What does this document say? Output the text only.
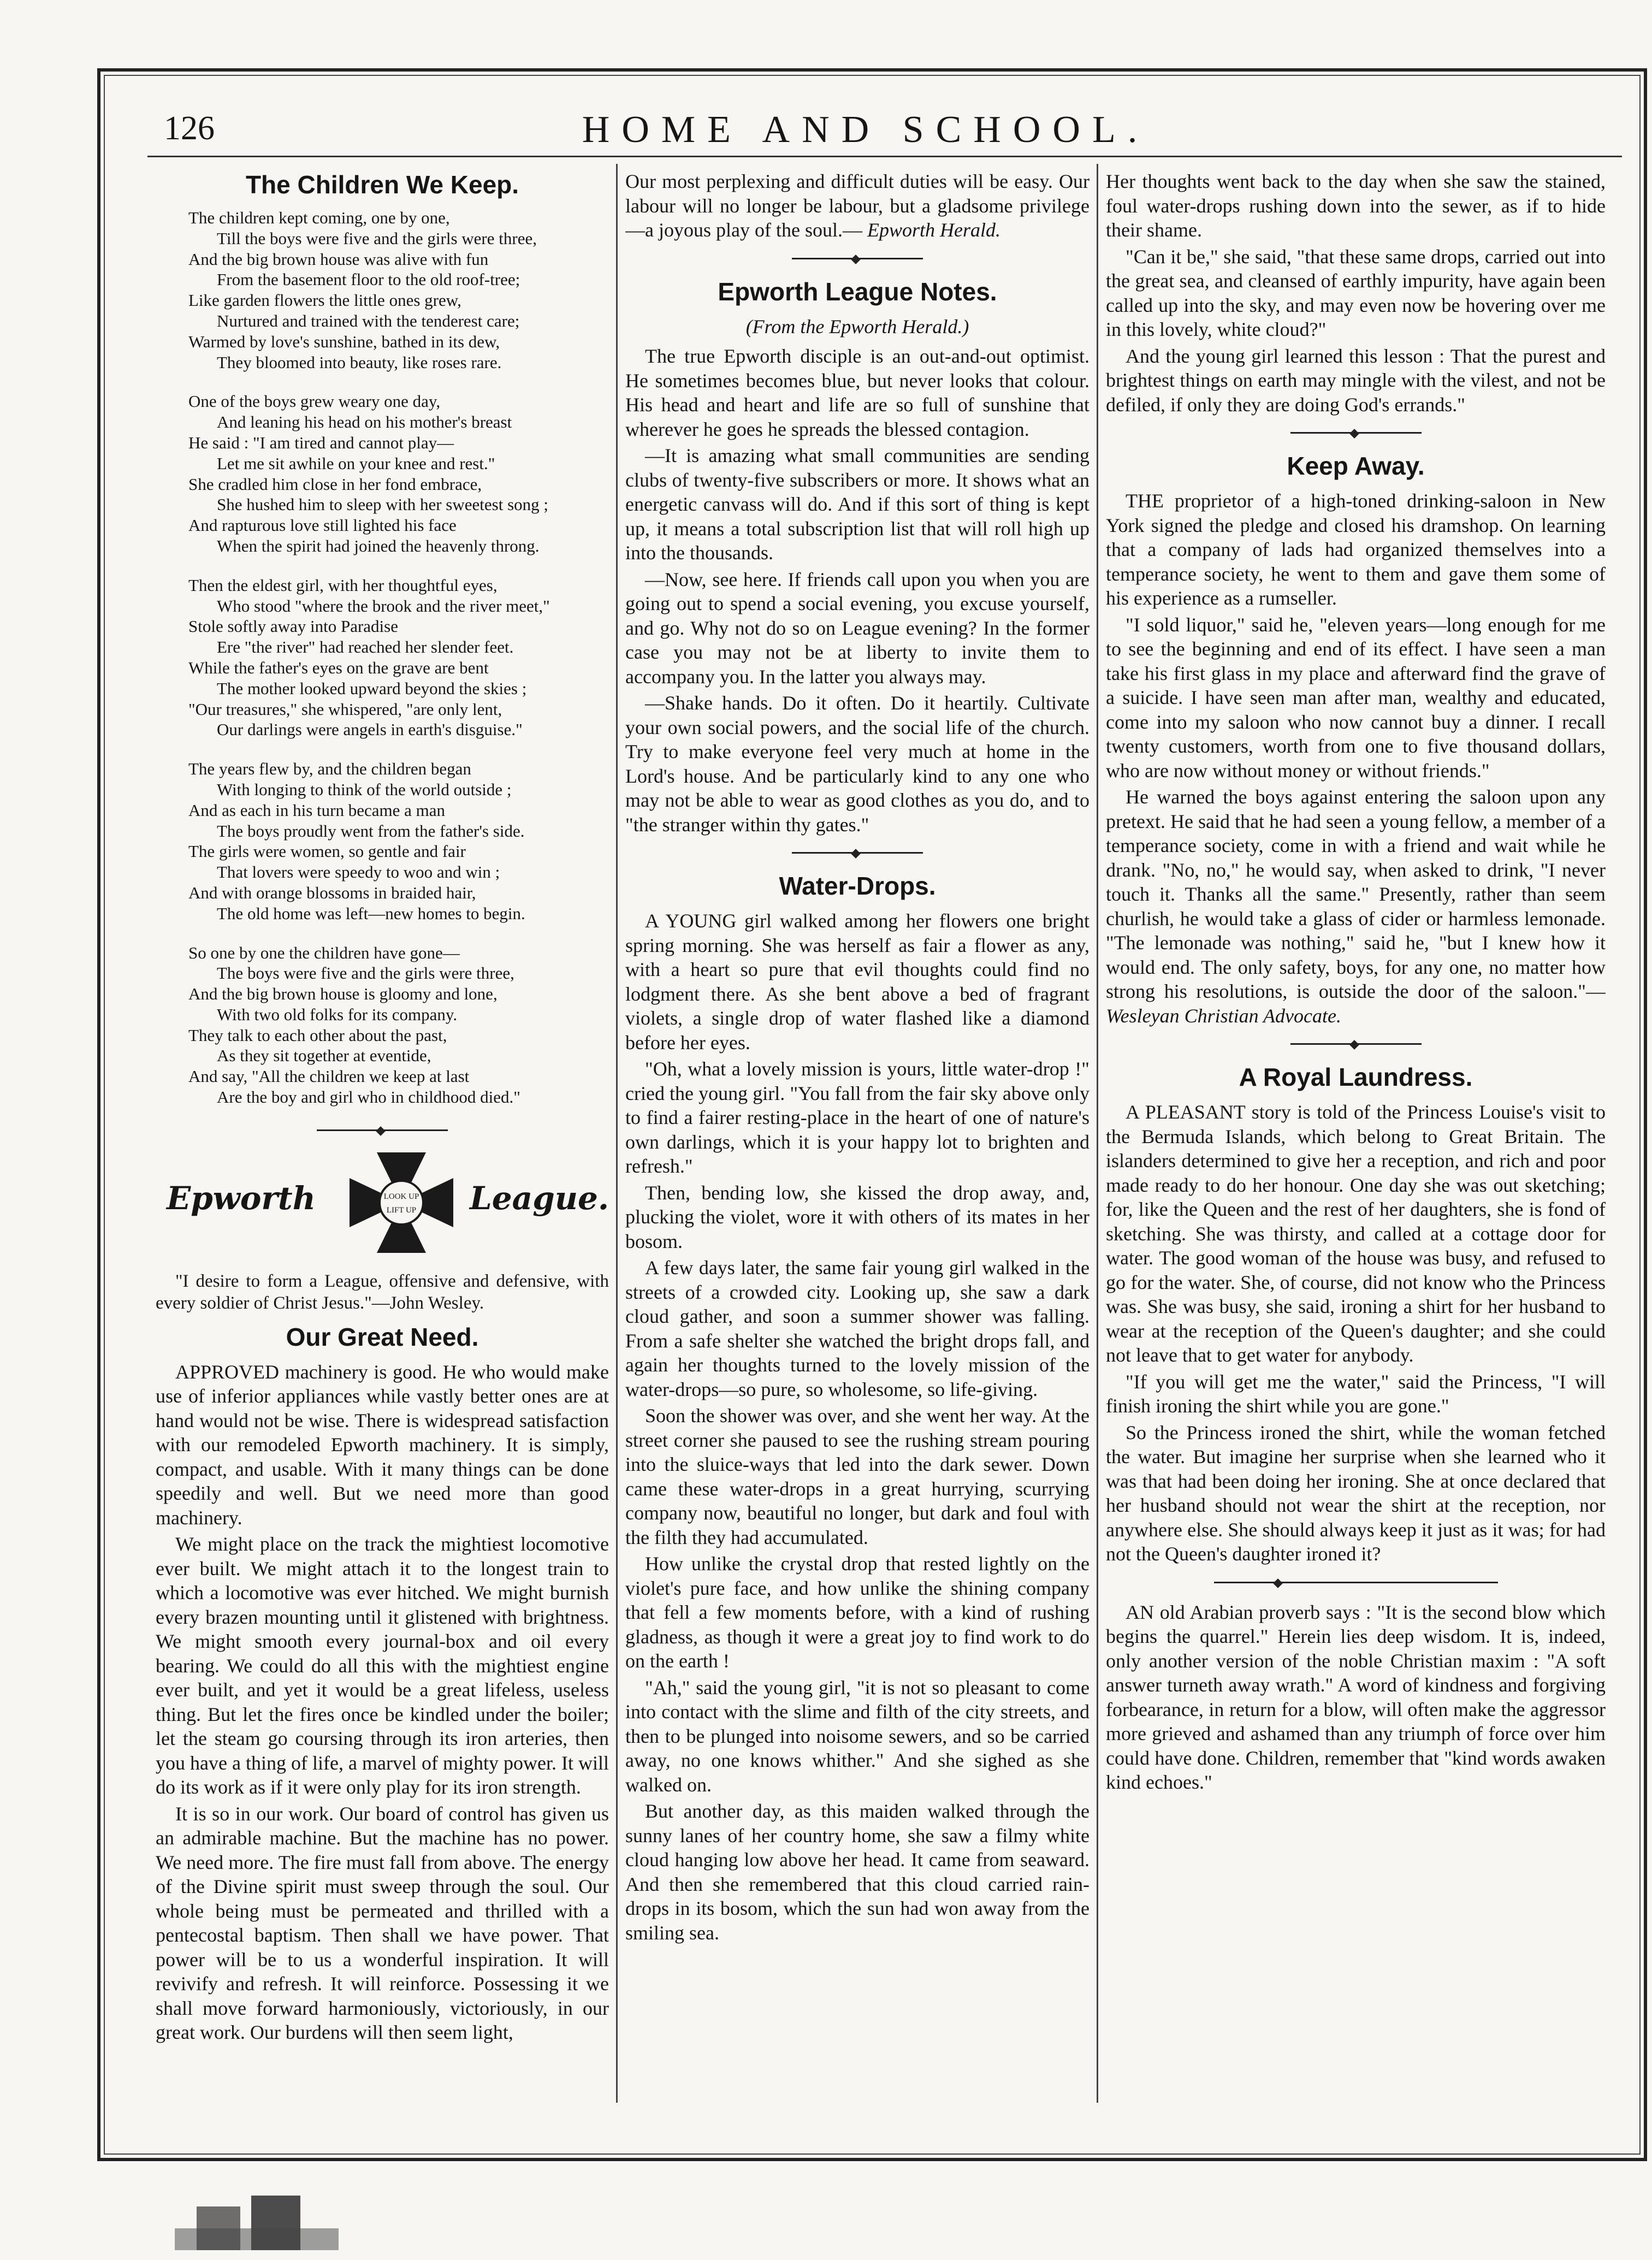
126	HOME AND SCHOOL.
The Children We Keep.
The children kept coming, one by one,
Till the boys were five and the girls were three,
And the big brown house was alive with fun
From the basement floor to the old roof-tree;
Like garden flowers the little ones grew,
Nurtured and trained with the tenderest care;
Warmed by love's sunshine, bathed in its dew,
They bloomed into beauty, like roses rare.
One of the boys grew weary one day,
And leaning his head on his mother's breast
He said : "I am tired and cannot play—
Let me sit awhile on your knee and rest."
She cradled him close in her fond embrace,
She hushed him to sleep with her sweetest song ;
And rapturous love still lighted his face
When the spirit had joined the heavenly throng.
Then the eldest girl, with her thoughtful eyes,
Who stood "where the brook and the river meet,"
Stole softly away into Paradise
Ere "the river" had reached her slender feet.
While the father's eyes on the grave are bent
The mother looked upward beyond the skies ;
"Our treasures," she whispered, "are only lent,
Our darlings were angels in earth's disguise."
The years flew by, and the children began
With longing to think of the world outside ;
And as each in his turn became a man
The boys proudly went from the father's side.
The girls were women, so gentle and fair
That lovers were speedy to woo and win ;
And with orange blossoms in braided hair,
The old home was left—new homes to begin.
So one by one the children have gone—
The boys were five and the girls were three,
And the big brown house is gloomy and lone,
With two old folks for its company.
They talk to each other about the past,
As they sit together at eventide,
And say, "All the children we keep at last
Are the boy and girl who in childhood died."
Epworth	LOOK UP
LIFT UP League.
"I desire to form a League, offensive and defensive, with every soldier of Christ Jesus."—John Wesley.
Our Great Need.

APPROVED machinery is good. He who would make use of inferior appliances while vastly better ones are at hand would not be wise. There is widespread satisfaction with our remodeled Epworth machinery. It is simply, compact, and usable. With it many things can be done speedily and well. But we need more than good machinery.

We might place on the track the mightiest locomotive ever built. We might attach it to the longest train to which a locomotive was ever hitched. We might burnish every brazen mounting until it glistened with brightness. We might smooth every journal-box and oil every bearing. We could do all this with the mightiest engine ever built, and yet it would be a great lifeless, useless thing. But let the fires once be kindled under the boiler; let the steam go coursing through its iron arteries, then you have a thing of life, a marvel of mighty power. It will do its work as if it were only play for its iron strength.

It is so in our work. Our board of control has given us an admirable machine. But the machine has no power. We need more. The fire must fall from above. The energy of the Divine spirit must sweep through the soul. Our whole being must be permeated and thrilled with a pentecostal baptism. Then shall we have power. That power will be to us a wonderful inspiration. It will revivify and refresh. It will reinforce. Possessing it we shall move forward harmoniously, victoriously, in our great work. Our burdens will then seem light,

Our most perplexing and difficult duties will be easy. Our labour will no longer be labour, but a gladsome privilege—a joyous play of the soul.— Epworth Herald.

Epworth League Notes.
(From the Epworth Herald.)

The true Epworth disciple is an out-and-out optimist. He sometimes becomes blue, but never looks that colour. His head and heart and life are so full of sunshine that wherever he goes he spreads the blessed contagion.

—It is amazing what small communities are sending clubs of twenty-five subscribers or more. It shows what an energetic canvass will do. And if this sort of thing is kept up, it means a total subscription list that will roll high up into the thousands.

—Now, see here. If friends call upon you when you are going out to spend a social evening, you excuse yourself, and go. Why not do so on League evening? In the former case you may not be at liberty to invite them to accompany you. In the latter you always may.

—Shake hands. Do it often. Do it heartily. Cultivate your own social powers, and the social life of the church. Try to make everyone feel very much at home in the Lord's house. And be particularly kind to any one who may not be able to wear as good clothes as you do, and to "the stranger within thy gates."

Water-Drops.

A YOUNG girl walked among her flowers one bright spring morning. She was herself as fair a flower as any, with a heart so pure that evil thoughts could find no lodgment there. As she bent above a bed of fragrant violets, a single drop of water flashed like a diamond before her eyes.

"Oh, what a lovely mission is yours, little water-drop !" cried the young girl. "You fall from the fair sky above only to find a fairer resting-place in the heart of one of nature's own darlings, which it is your happy lot to brighten and refresh."

Then, bending low, she kissed the drop away, and, plucking the violet, wore it with others of its mates in her bosom.

A few days later, the same fair young girl walked in the streets of a crowded city. Looking up, she saw a dark cloud gather, and soon a summer shower was falling. From a safe shelter she watched the bright drops fall, and again her thoughts turned to the lovely mission of the water-drops—so pure, so wholesome, so life-giving.

Soon the shower was over, and she went her way. At the street corner she paused to see the rushing stream pouring into the sluice-ways that led into the dark sewer. Down came these water-drops in a great hurrying, scurrying company now, beautiful no longer, but dark and foul with the filth they had accumulated.

How unlike the crystal drop that rested lightly on the violet's pure face, and how unlike the shining company that fell a few moments before, with a kind of rushing gladness, as though it were a great joy to find work to do on the earth !

"Ah," said the young girl, "it is not so pleasant to come into contact with the slime and filth of the city streets, and then to be plunged into noisome sewers, and so be carried away, no one knows whither." And she sighed as she walked on.

But another day, as this maiden walked through the sunny lanes of her country home, she saw a filmy white cloud hanging low above her head. It came from seaward. And then she remembered that this cloud carried rain-drops in its bosom, which the sun had won away from the smiling sea.

Her thoughts went back to the day when she saw the stained, foul water-drops rushing down into the sewer, as if to hide their shame.

"Can it be," she said, "that these same drops, carried out into the great sea, and cleansed of earthly impurity, have again been called up into the sky, and may even now be hovering over me in this lovely, white cloud?"

And the young girl learned this lesson : That the purest and brightest things on earth may mingle with the vilest, and not be defiled, if only they are doing God's errands."

Keep Away.

THE proprietor of a high-toned drinking-saloon in New York signed the pledge and closed his dramshop. On learning that a company of lads had organized themselves into a temperance society, he went to them and gave them some of his experience as a rumseller.

"I sold liquor," said he, "eleven years—long enough for me to see the beginning and end of its effect. I have seen a man take his first glass in my place and afterward find the grave of a suicide. I have seen man after man, wealthy and educated, come into my saloon who now cannot buy a dinner. I recall twenty customers, worth from one to five thousand dollars, who are now without money or without friends."

He warned the boys against entering the saloon upon any pretext. He said that he had seen a young fellow, a member of a temperance society, come in with a friend and wait while he drank. "No, no," he would say, when asked to drink, "I never touch it. Thanks all the same." Presently, rather than seem churlish, he would take a glass of cider or harmless lemonade. "The lemonade was nothing," said he, "but I knew how it would end. The only safety, boys, for any one, no matter how strong his resolutions, is outside the door of the saloon."—Wesleyan Christian Advocate.

A Royal Laundress.

A PLEASANT story is told of the Princess Louise's visit to the Bermuda Islands, which belong to Great Britain. The islanders determined to give her a reception, and rich and poor made ready to do her honour. One day she was out sketching; for, like the Queen and the rest of her daughters, she is fond of sketching. She was thirsty, and called at a cottage door for water. The good woman of the house was busy, and refused to go for the water. She, of course, did not know who the Princess was. She was busy, she said, ironing a shirt for her husband to wear at the reception of the Queen's daughter; and she could not leave that to get water for anybody.

"If you will get me the water," said the Princess, "I will finish ironing the shirt while you are gone."

So the Princess ironed the shirt, while the woman fetched the water. But imagine her surprise when she learned who it was that had been doing her ironing. She at once declared that her husband should not wear the shirt at the reception, nor anywhere else. She should always keep it just as it was; for had not the Queen's daughter ironed it?

AN old Arabian proverb says : "It is the second blow which begins the quarrel." Herein lies deep wisdom. It is, indeed, only another version of the noble Christian maxim : "A soft answer turneth away wrath." A word of kindness and forgiving forbearance, in return for a blow, will often make the aggressor more grieved and ashamed than any triumph of force over him could have done. Children, remember that "kind words awaken kind echoes."
